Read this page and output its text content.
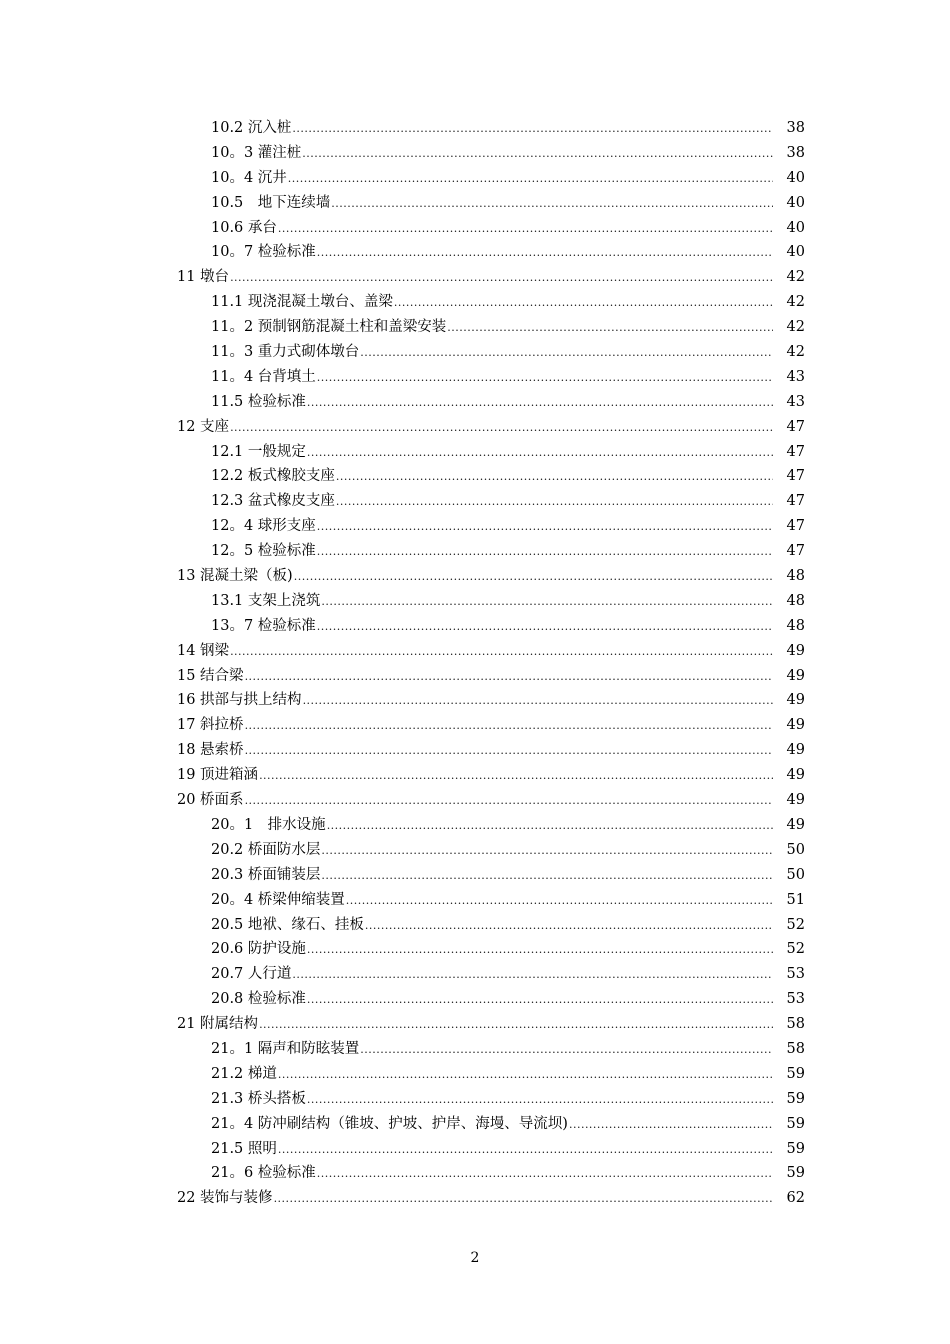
10.2 沉入桩 .....	38
10。3 灌注桩 .....	38
10。4 沉井 .....	40
10.5　地下连续墙 .....	40
10.6 承台 .....	40
10。7 检验标准 .....	40
11 墩台 .....	42
11.1 现浇混凝土墩台、盖梁 .....	42
11。2 预制钢筋混凝土柱和盖梁安装 .....	42
11。3 重力式砌体墩台 .....	42
11。4 台背填土 .....	43
11.5 检验标准 .....	43
12 支座 .....	47
12.1 一般规定 .....	47
12.2 板式橡胶支座 .....	47
12.3 盆式橡皮支座 .....	47
12。4 球形支座 .....	47
12。5 检验标准 .....	47
13 混凝土梁（板) .....	48
13.1 支架上浇筑 .....	48
13。7 检验标准 .....	48
14 钢梁 .....	49
15 结合梁 .....	49
16 拱部与拱上结构 .....	49
17 斜拉桥 .....	49
18 悬索桥 .....	49
19 顶进箱涵 .....	49
20 桥面系 .....	49
20。1　排水设施 .....	49
20.2 桥面防水层 .....	50
20.3 桥面铺装层 .....	50
20。4 桥梁伸缩装置 .....	51
20.5 地袱、缘石、挂板 .....	52
20.6 防护设施 .....	52
20.7 人行道 .....	53
20.8 检验标准 .....	53
21 附属结构 .....	58
21。1 隔声和防眩装置 .....	58
21.2 梯道 .....	59
21.3 桥头搭板 .....	59
21。4 防冲刷结构（锥坡、护坡、护岸、海墁、导流坝) .....	59
21.5 照明 .....	59
21。6 检验标准 .....	59
22 装饰与装修 .....	62
2
